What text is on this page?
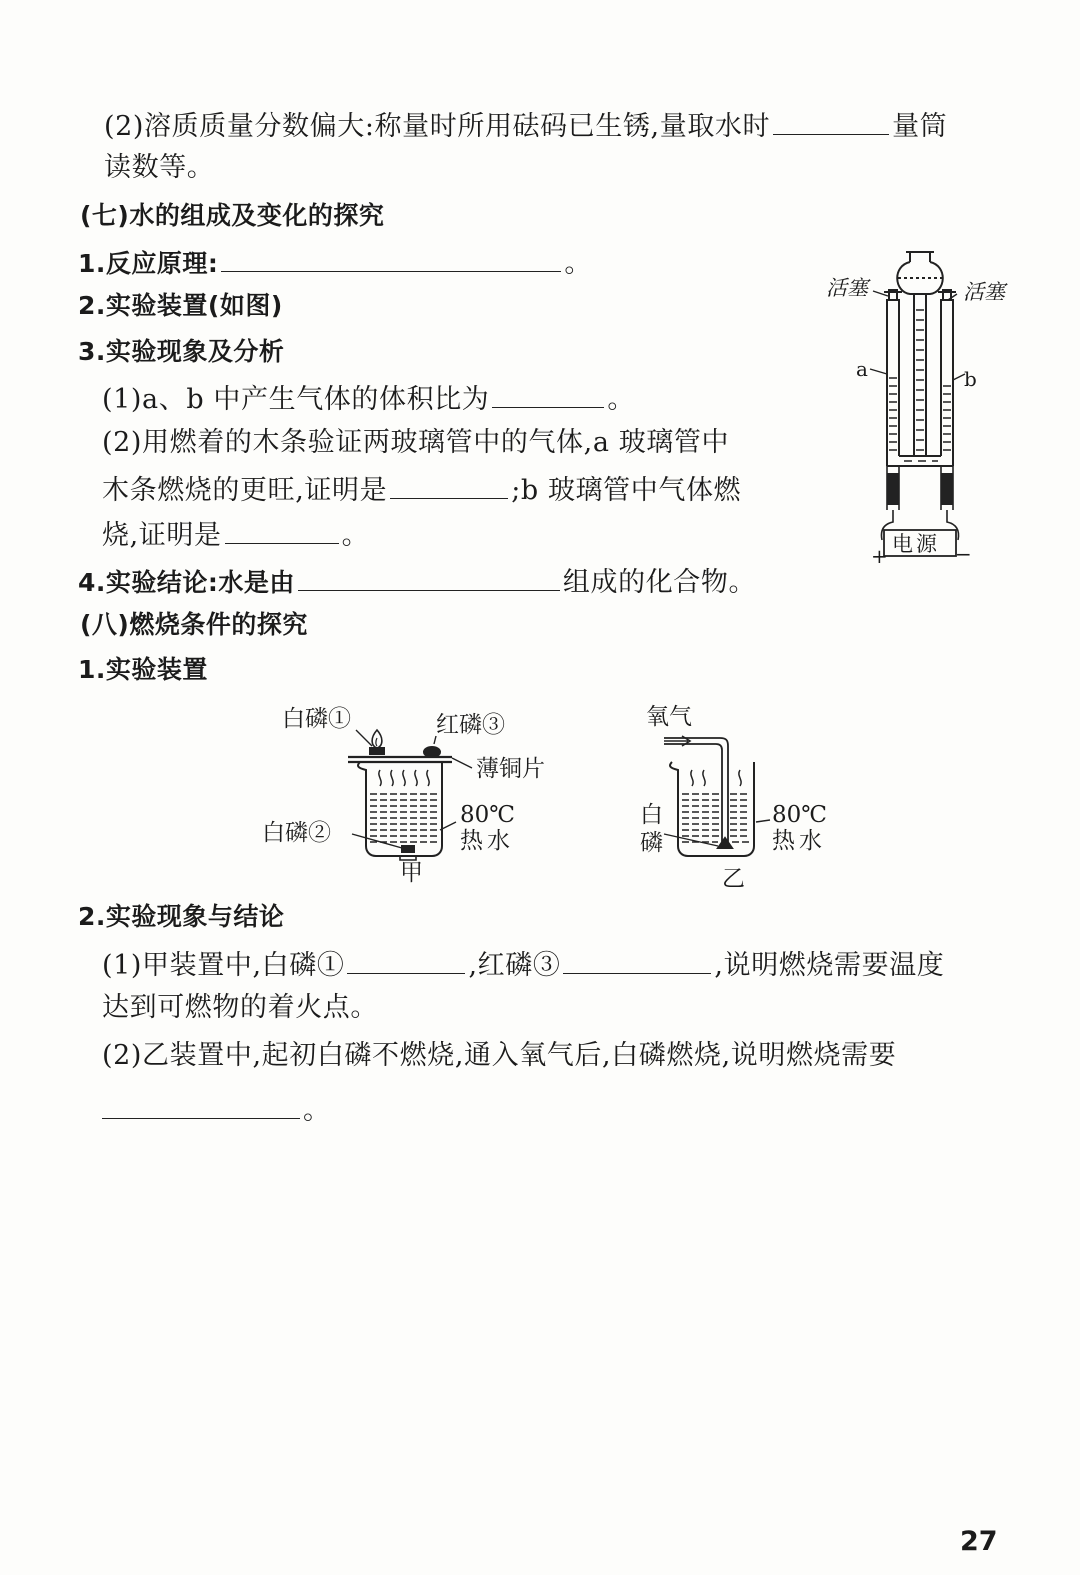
(2)溶质质量分数偏大:称量时所用砝码已生锈,量取水时	量筒
读数等。
(七)水的组成及变化的探究
1.反应原理:	。
2.实验装置(如图)
3.实验现象及分析
(1)a、b 中产生气体的体积比为	。
(2)用燃着的木条验证两玻璃管中的气体,a 玻璃管中
木条燃烧的更旺,证明是	;b 玻璃管中气体燃
烧,证明是	。
4.实验结论:水是由	组成的化合物。
(八)燃烧条件的探究
1.实验装置
2.实验现象与结论
(1)甲装置中,白磷①	,红磷③	,说明燃烧需要温度
达到可燃物的着火点。
(2)乙装置中,起初白磷不燃烧,通入氧气后,白磷燃烧,说明燃烧需要
。
活塞	活塞
a	b
电源
+	−
白磷①	红磷③
薄铜片
白磷②
80℃
热水
甲
氧气
白
磷
80℃
热水
乙
27
